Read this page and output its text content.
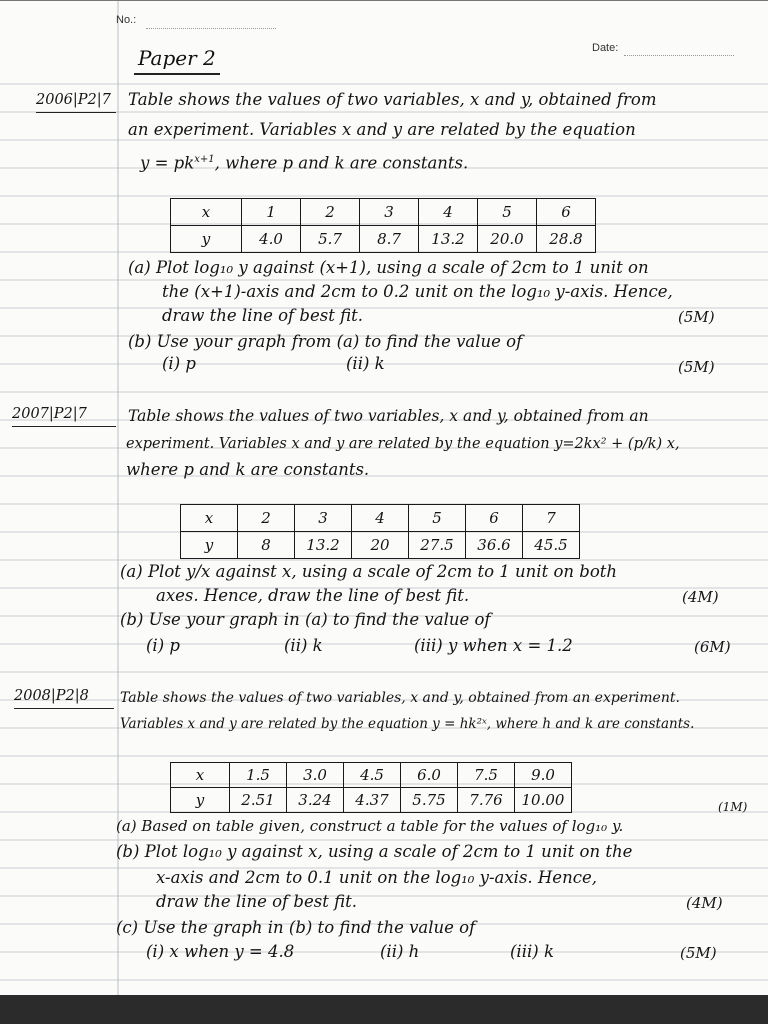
No.:
Date:
Paper 2
2006|P2|7 Table shows the values of two variables, x and y, obtained from
an experiment. Variables x and y are related by the equation
$y = pk^{x+1}$, where p and k are constants.
x	1	2	3	4	5	6
y	4.0	5.7	8.7	13.2	20.0	28.8
(a) Plot log₁₀ y against (x+1), using a scale of 2cm to 1 unit on
the (x+1)-axis and 2cm to 0.2 unit on the log₁₀ y-axis. Hence,
draw the line of best fit.	(5M)
(b) Use your graph from (a) to find the value of
(i) p	(ii) k	(5M)
2007|P2|7	Table shows the values of two variables, x and y, obtained from an
experiment. Variables x and y are related by the equation y=2kx² + (p/k) x,
where p and k are constants.
x	2	3	4	5	6	7
y	8	13.2	20	27.5	36.6	45.5
(a) Plot y/x against x, using a scale of 2cm to 1 unit on both
axes. Hence, draw the line of best fit.	(4M)
(b) Use your graph in (a) to find the value of
(i) p	(ii) k	(iii) y when x = 1.2	(6M)
2008|P2|8 Table shows the values of two variables, x and y, obtained from an experiment.
Variables x and y are related by the equation y = hk²ˣ, where h and k are constants.
x	1.5	3.0	4.5	6.0	7.5	9.0
y	2.51	3.24	4.37	5.75	7.76	10.00	(1M)
(a) Based on table given, construct a table for the values of log₁₀ y.
(b) Plot log₁₀ y against x, using a scale of 2cm to 1 unit on the
x-axis and 2cm to 0.1 unit on the log₁₀ y-axis. Hence,
draw the line of best fit.	(4M)
(c) Use the graph in (b) to find the value of
(i) x when y = 4.8	(ii) h	(iii) k	(5M)
